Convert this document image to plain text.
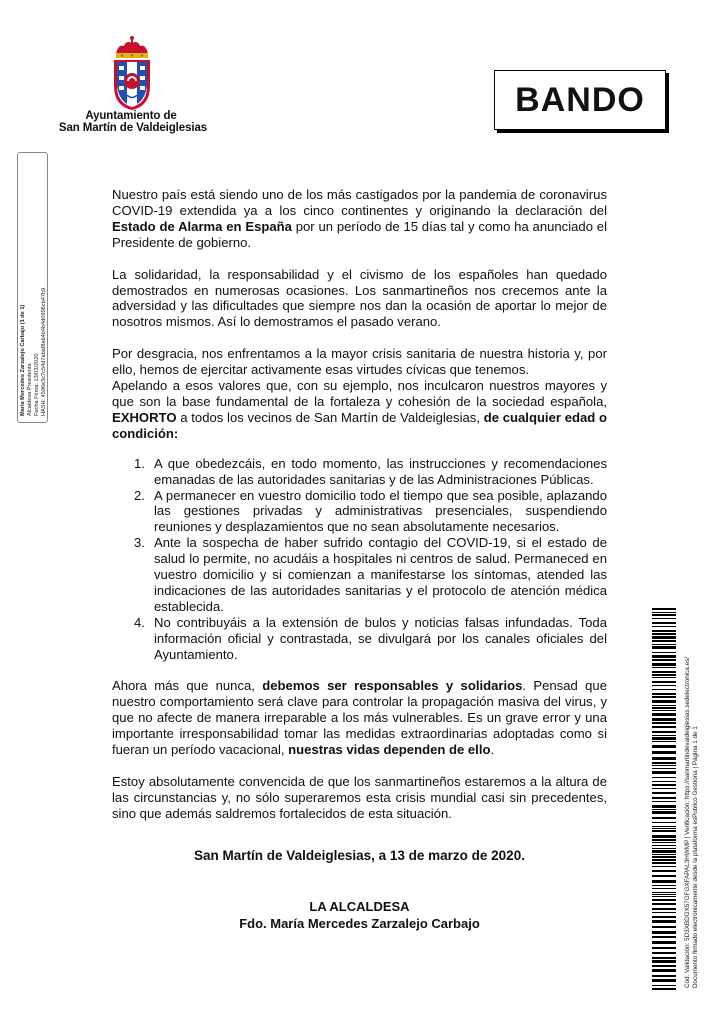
Ayuntamiento de
San Martín de Valdeiglesias
BANDO
María Mercedes Zarzalejo Carbajo (1 de 1) Alcaldesa Presidenta Fecha Firma: 13/03/2020 HASH: 4596e3c7c54d7abaf8ab4b4b4d0996cb47b9

Nuestro país está siendo uno de los más castigados por la pandemia de coronavirus COVID-19 extendida ya a los cinco continentes y originando la declaración del Estado de Alarma en España por un período de 15 días tal y como ha anunciado el Presidente de gobierno.

La solidaridad, la responsabilidad y el civismo de los españoles han quedado demostrados en numerosas ocasiones. Los sanmartineños nos crecemos ante la adversidad y las dificultades que siempre nos dan la ocasión de aportar lo mejor de nosotros mismos. Así lo demostramos el pasado verano.

Por desgracia, nos enfrentamos a la mayor crisis sanitaria de nuestra historia y, por ello, hemos de ejercitar activamente esas virtudes cívicas que tenemos.

Apelando a esos valores que, con su ejemplo, nos inculcaron nuestros mayores y que son la base fundamental de la fortaleza y cohesión de la sociedad española, EXHORTO a todos los vecinos de San Martín de Valdeiglesias, de cualquier edad o condición:

1. A que obedezcáis, en todo momento, las instrucciones y recomendaciones emanadas de las autoridades sanitarias y de las Administraciones Públicas.
2. A permanecer en vuestro domicilio todo el tiempo que sea posible, aplazando las gestiones privadas y administrativas presenciales, suspendiendo reuniones y desplazamientos que no sean absolutamente necesarios.
3. Ante la sospecha de haber sufrido contagio del COVID-19, si el estado de salud lo permite, no acudáis a hospitales ni centros de salud. Permaneced en vuestro domicilio y si comienzan a manifestarse los síntomas, atended las indicaciones de las autoridades sanitarias y el protocolo de atención médica establecida.
4. No contribuyáis a la extensión de bulos y noticias falsas infundadas. Toda información oficial y contrastada, se divulgará por los canales oficiales del Ayuntamiento.

Ahora más que nunca, debemos ser responsables y solidarios. Pensad que nuestro comportamiento será clave para controlar la propagación masiva del virus, y que no afecte de manera irreparable a los más vulnerables. Es un grave error y una importante irresponsabilidad tomar las medidas extraordinarias adoptadas como si fueran un período vacacional, nuestras vidas dependen de ello.

Estoy absolutamente convencida de que los sanmartineños estaremos a la altura de las circunstancias y, no sólo superaremos esta crisis mundial casi sin precedentes, sino que además saldremos fortalecidos de esta situación.

San Martín de Valdeiglesias, a 13 de marzo de 2020.
LA ALCALDESA
Fdo. María Mercedes Zarzalejo Carbajo	Cód. Validación: 5D3XBDGX57GFGXFAPAL3HWMP | Verificación: https://sanmartindevaldeiglesias.sedelectronica.es/ Documento firmado electrónicamente desde la plataforma esPublico Gestiona | Página 1 de 1
